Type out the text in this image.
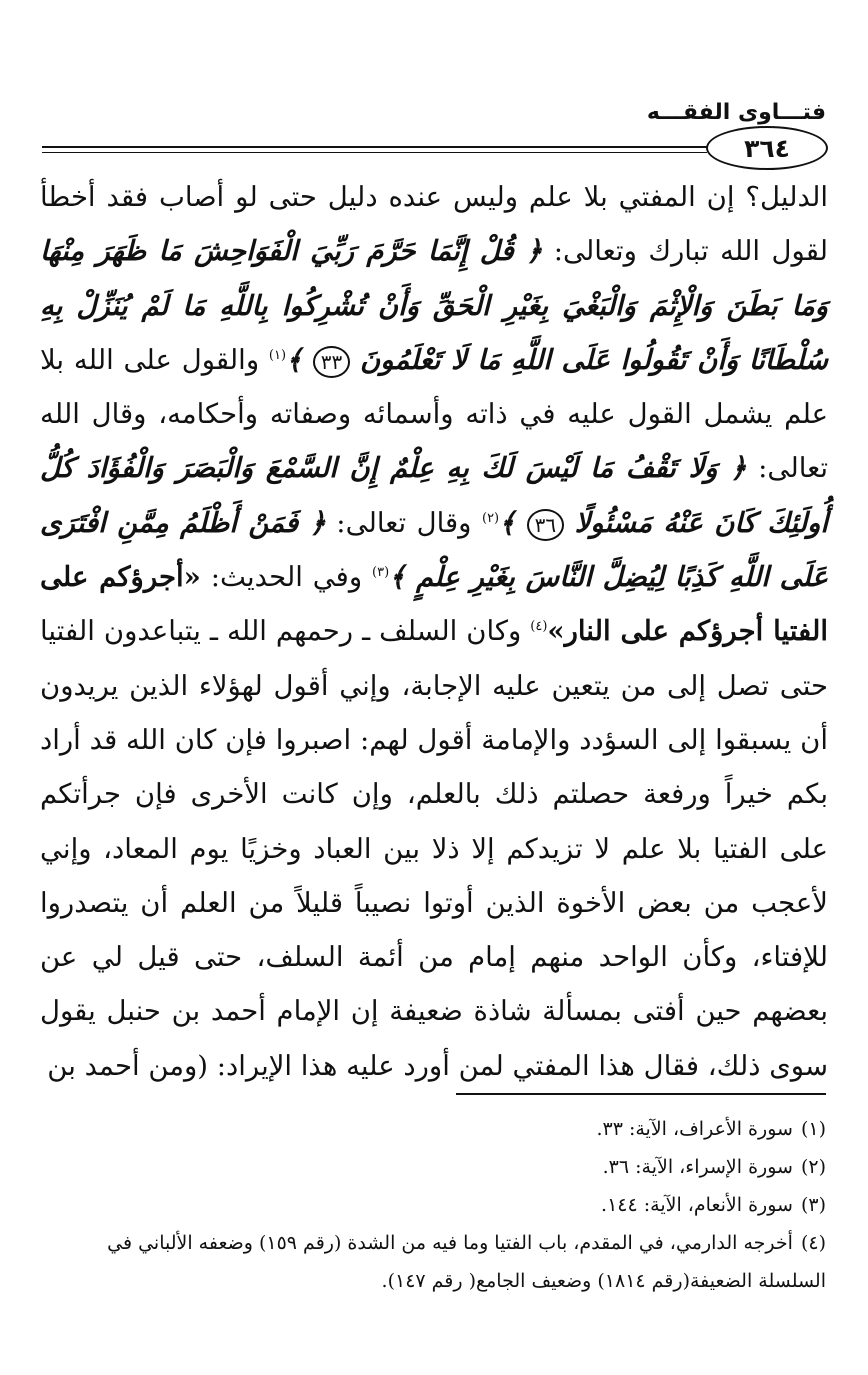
فتـــاوى الفقـــه
٣٦٤
الدليل؟ إن المفتي بلا علم وليس عنده دليل حتى لو أصاب فقد أخطأ لقول الله تبارك وتعالى: ﴿ قُلْ إِنَّمَا حَرَّمَ رَبِّيَ الْفَوَاحِشَ مَا ظَهَرَ مِنْهَا وَمَا بَطَنَ وَالْإِثْمَ وَالْبَغْيَ بِغَيْرِ الْحَقِّ وَأَنْ تُشْرِكُوا بِاللَّهِ مَا لَمْ يُنَزِّلْ بِهِ سُلْطَانًا وَأَنْ تَقُولُوا عَلَى اللَّهِ مَا لَا تَعْلَمُونَ ٣٣ ﴾$^{(١)}$ والقول على الله بلا علم يشمل القول عليه في ذاته وأسمائه وصفاته وأحكامه، وقال الله تعالى: ﴿ وَلَا تَقْفُ مَا لَيْسَ لَكَ بِهِ عِلْمٌ إِنَّ السَّمْعَ وَالْبَصَرَ وَالْفُؤَادَ كُلُّ أُولَئِكَ كَانَ عَنْهُ مَسْئُولًا ٣٦ ﴾$^{(٢)}$ وقال تعالى: ﴿ فَمَنْ أَظْلَمُ مِمَّنِ افْتَرَى عَلَى اللَّهِ كَذِبًا لِيُضِلَّ النَّاسَ بِغَيْرِ عِلْمٍ ﴾$^{(٣)}$ وفي الحديث: «أجرؤكم على الفتيا أجرؤكم على النار»$^{(٤)}$ وكان السلف ـ رحمهم الله ـ يتباعدون الفتيا حتى تصل إلى من يتعين عليه الإجابة، وإني أقول لهؤلاء الذين يريدون أن يسبقوا إلى السؤدد والإمامة أقول لهم: اصبروا فإن كان الله قد أراد بكم خيراً ورفعة حصلتم ذلك بالعلم، وإن كانت الأخرى فإن جرأتكم على الفتيا بلا علم لا تزيدكم إلا ذلا بين العباد وخزيًا يوم المعاد، وإني لأعجب من بعض الأخوة الذين أوتوا نصيباً قليلاً من العلم أن يتصدروا للإفتاء، وكأن الواحد منهم إمام من أئمة السلف، حتى قيل لي عن بعضهم حين أفتى بمسألة شاذة ضعيفة إن الإمام أحمد بن حنبل يقول سوى ذلك، فقال هذا المفتي لمن أورد عليه هذا الإيراد: (ومن أحمد بن

(١)سورة الأعراف، الآية: ٣٣.

(٢)سورة الإسراء، الآية: ٣٦.

(٣)سورة الأنعام، الآية: ١٤٤.

(٤)أخرجه الدارمي، في المقدم، باب الفتيا وما فيه من الشدة (رقم ١٥٩) وضعفه الألباني في السلسلة الضعيفة(رقم ١٨١٤) وضعيف الجامع( رقم ١٤٧).
